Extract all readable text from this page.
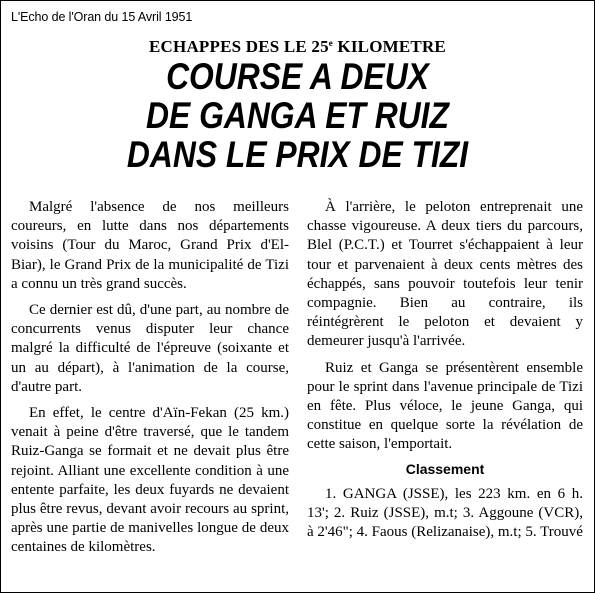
L'Echo de l'Oran du 15 Avril 1951
ECHAPPES DES LE 25e KILOMETRE
COURSE A DEUX
DE GANGA ET RUIZ
DANS LE PRIX DE TIZI

Malgré l'absence de nos meilleurs coureurs, en lutte dans nos départements voisins (Tour du Maroc, Grand Prix d'El-Biar), le Grand Prix de la municipalité de Tizi a connu un très grand succès.

Ce dernier est dû, d'une part, au nombre de concurrents venus disputer leur chance malgré la difficulté de l'épreuve (soixante et un au départ), à l'animation de la course, d'autre part.

En effet, le centre d'Aïn-Fekan (25 km.) venait à peine d'être traversé, que le tandem Ruiz-Ganga se formait et ne devait plus être rejoint. Alliant une excellente condition à une entente parfaite, les deux fuyards ne devaient plus être revus, devant avoir recours au sprint, après une partie de manivelles longue de deux centaines de kilomètres.

À l'arrière, le peloton entreprenait une chasse vigoureuse. A deux tiers du parcours, Blel (P.C.T.) et Tourret s'échappaient à leur tour et parvenaient à deux cents mètres des échappés, sans pouvoir toutefois leur tenir compagnie. Bien au contraire, ils réintégrèrent le peloton et devaient y demeurer jusqu'à l'arrivée.

Ruiz et Ganga se présentèrent ensemble pour le sprint dans l'avenue principale de Tizi en fête. Plus véloce, le jeune Ganga, qui constitue en quelque sorte la révélation de cette saison, l'emportait.

Classement

1. GANGA (JSSE), les 223 km. en 6 h. 13'; 2. Ruiz (JSSE), m.t; 3. Aggoune (VCR), à 2'46"; 4. Faous (Relizanaise), m.t; 5. Trouvé
